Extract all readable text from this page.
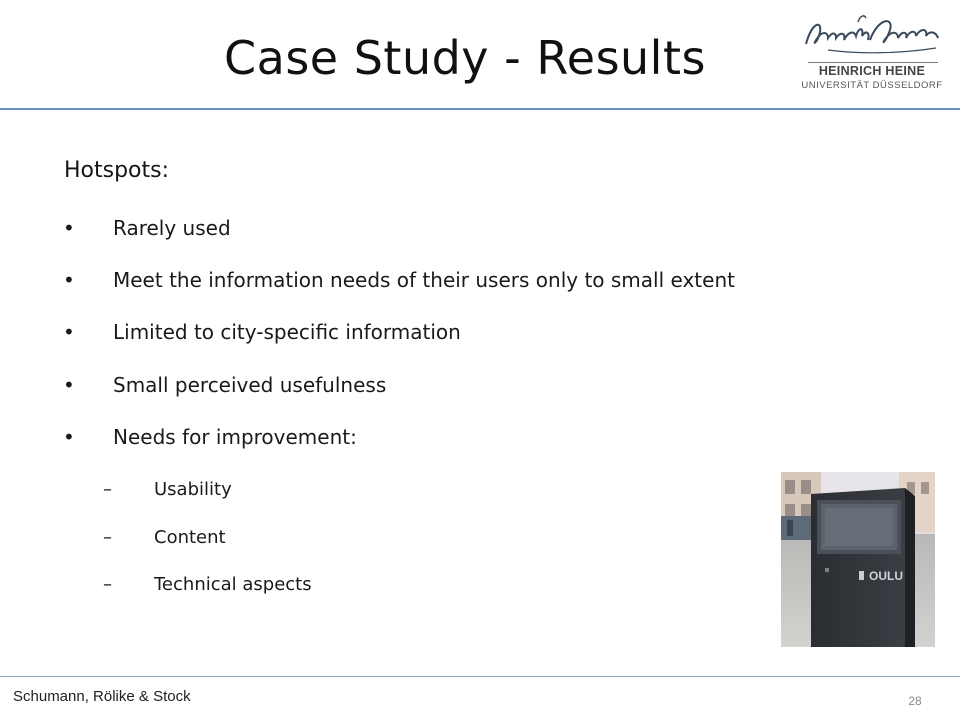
Case Study - Results	HEINRICH HEINE
UNIVERSITÄT DÜSSELDORF
Hotspots:
•	Rarely used
•	Meet the information needs of their users only to small extent
•	Limited to city-specific information
•	Small perceived usefulness
•	Needs for improvement:
–	Usability
–	Content
–	Technical aspects	OULU
Schumann, Rölike & Stock	28
